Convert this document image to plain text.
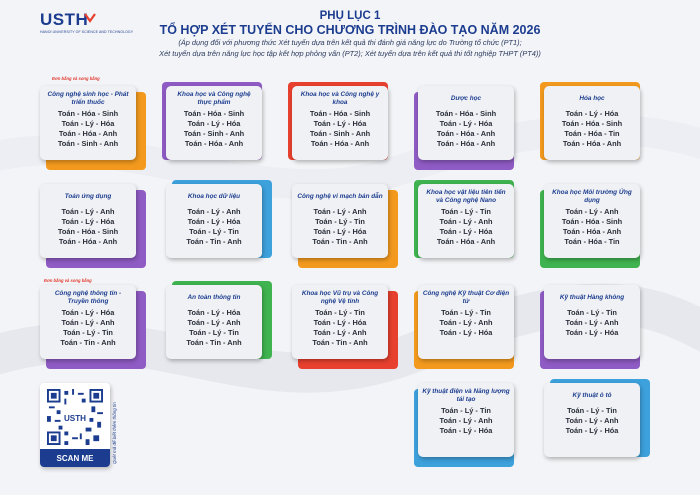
USTH
HANOI UNIVERSITY OF SCIENCE AND TECHNOLOGY
PHỤ LỤC 1
TỔ HỢP XÉT TUYỂN CHO CHƯƠNG TRÌNH ĐÀO TẠO NĂM 2026
(Áp dụng đối với phương thức Xét tuyển dựa trên kết quả thi đánh giá năng lực do Trường tổ chức (PT1);
Xét tuyển dựa trên năng lực học tập kết hợp phỏng vấn (PT2); Xét tuyển dựa trên kết quả thi tốt nghiệp THPT (PT4))
Đơn bằng và song bằng
Đơn bằng và song bằng
Công nghệ sinh học - Phát triển thuốc
Toán - Hóa - Sinh
Toán - Lý - Hóa
Toán - Hóa - Anh
Toán - Sinh - Anh
Khoa học và Công nghệ thực phẩm
Toán - Hóa - Sinh
Toán - Lý - Hóa
Toán - Sinh - Anh
Toán - Hóa - Anh
Khoa học và Công nghệ y khoa
Toán - Hóa - Sinh
Toán - Lý - Hóa
Toán - Sinh - Anh
Toán - Hóa - Anh
Dược học
Toán - Hóa - Sinh
Toán - Lý - Hóa
Toán - Hóa - Anh
Toán - Hóa - Anh
Hóa học
Toán - Lý - Hóa
Toán - Hóa - Sinh
Toán - Hóa - Tin
Toán - Hóa - Anh
Toán ứng dụng
Toán - Lý - Anh
Toán - Lý - Hóa
Toán - Hóa - Sinh
Toán - Hóa - Anh
Khoa học dữ liệu
Toán - Lý - Anh
Toán - Lý - Hóa
Toán - Lý - Tin
Toán - Tin - Anh
Công nghệ vi mạch bán dẫn
Toán - Lý - Anh
Toán - Lý - Tin
Toán - Lý - Hóa
Toán - Tin - Anh
Khoa học vật liệu tiên tiến và Công nghệ Nano
Toán - Lý - Tin
Toán - Lý - Anh
Toán - Lý - Hóa
Toán - Hóa - Anh
Khoa học Môi trường Ứng dụng
Toán - Lý - Anh
Toán - Hóa - Sinh
Toán - Hóa - Anh
Toán - Hóa - Tin
Công nghệ thông tin - Truyền thông
Toán - Lý - Hóa
Toán - Lý - Anh
Toán - Lý - Tin
Toán - Tin - Anh
An toàn thông tin
Toán - Lý - Hóa
Toán - Lý - Anh
Toán - Lý - Tin
Toán - Tin - Anh
Khoa học Vũ trụ và Công nghệ Vệ tinh
Toán - Lý - Tin
Toán - Lý - Hóa
Toán - Lý - Anh
Toán - Tin - Anh
Công nghệ Kỹ thuật Cơ điện tử
Toán - Lý - Tin
Toán - Lý - Anh
Toán - Lý - Hóa
Kỹ thuật Hàng không
Toán - Lý - Tin
Toán - Lý - Anh
Toán - Lý - Hóa
Kỹ thuật điện và Năng lượng tái tạo
Toán - Lý - Tin
Toán - Lý - Anh
Toán - Lý - Hóa
Kỹ thuật ô tô
Toán - Lý - Tin
Toán - Lý - Anh
Toán - Lý - Hóa
USTH
SCAN ME	Quét mã để biết thêm thông tin
